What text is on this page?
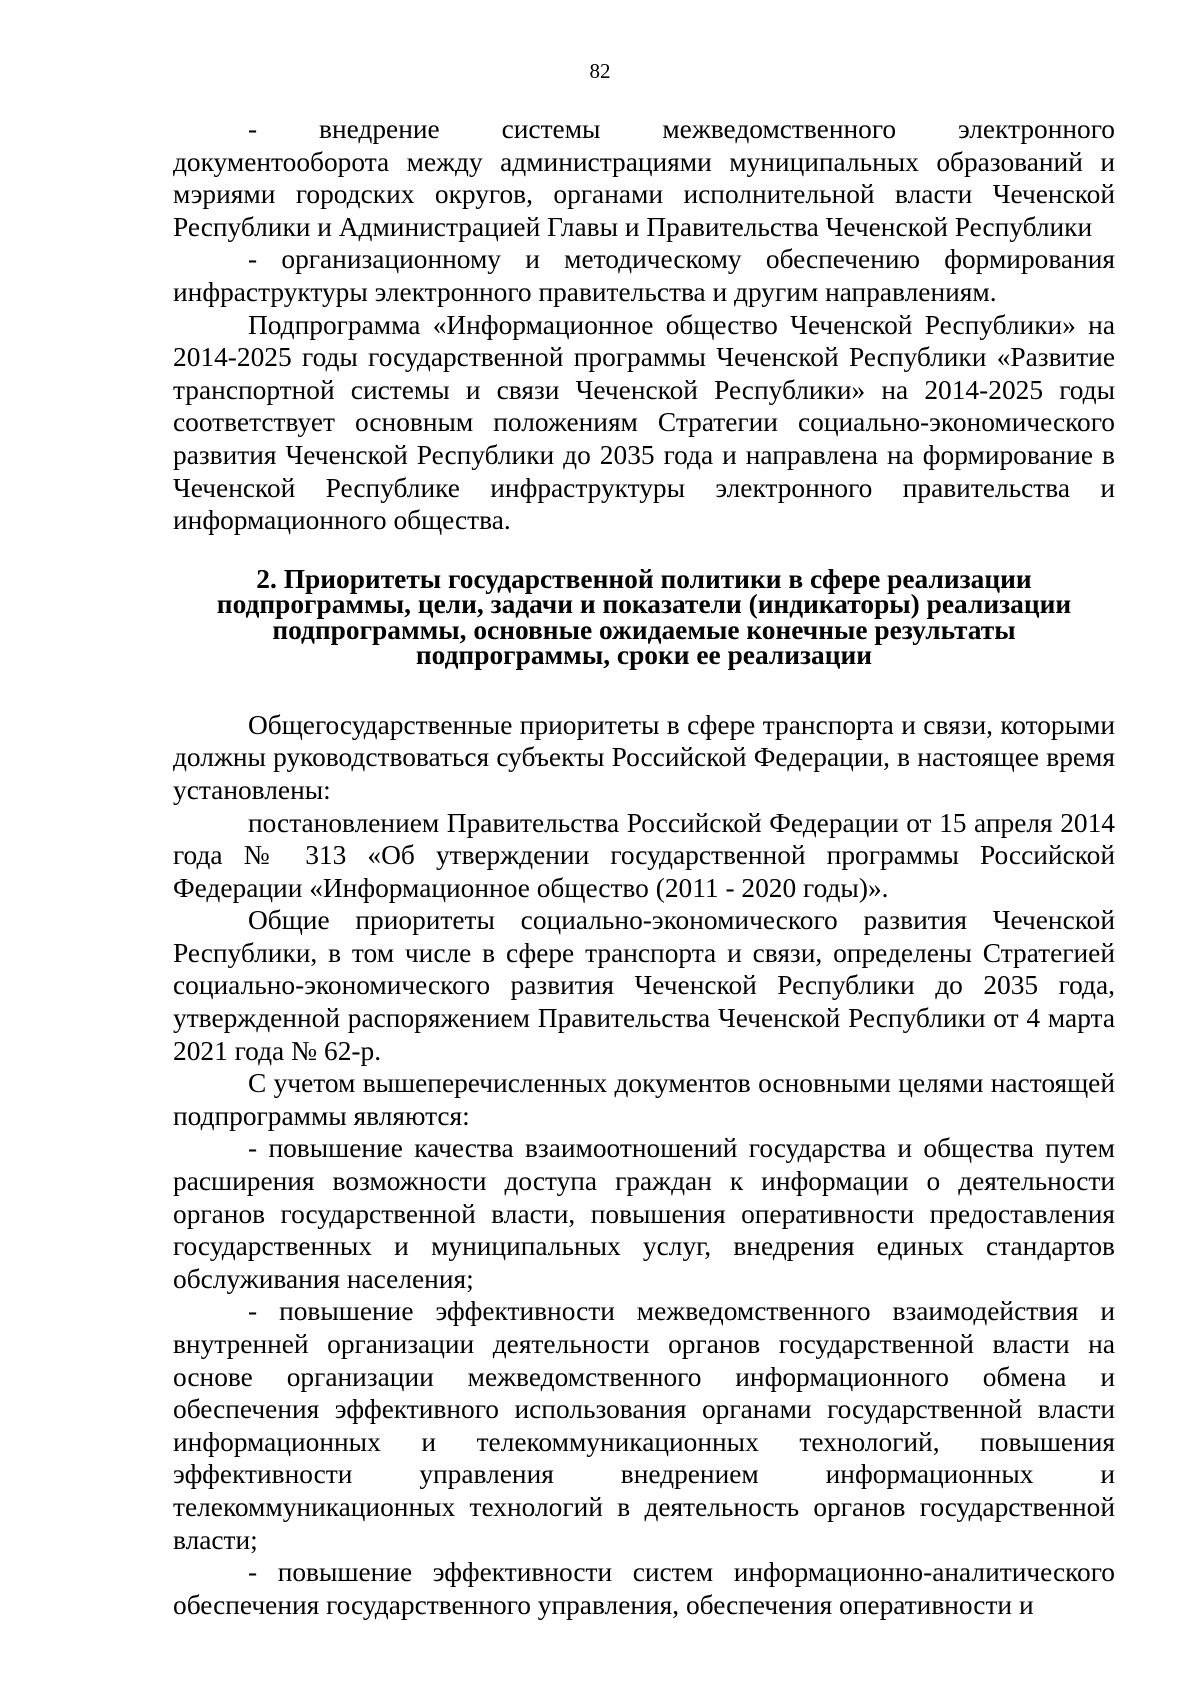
82

- внедрение системы межведомственного электронного документооборота между администрациями муниципальных образований и мэриями городских округов, органами исполнительной власти Чеченской Республики и Администрацией Главы и Правительства Чеченской Республики

- организационному и методическому обеспечению формирования инфраструктуры электронного правительства и другим направлениям.

Подпрограмма «Информационное общество Чеченской Республики» на 2014-2025 годы государственной программы Чеченской Республики «Развитие транспортной системы и связи Чеченской Республики» на 2014-2025 годы соответствует основным положениям Стратегии социально-экономического развития Чеченской Республики до 2035 года и направлена на формирование в Чеченской Республике инфраструктуры электронного правительства и информационного общества.

2. Приоритеты государственной политики в сфере реализации
подпрограммы, цели, задачи и показатели (индикаторы) реализации
подпрограммы, основные ожидаемые конечные результаты
подпрограммы, сроки ее реализации

Общегосударственные приоритеты в сфере транспорта и связи, которыми должны руководствоваться субъекты Российской Федерации, в настоящее время установлены:

постановлением Правительства Российской Федерации от 15 апреля 2014 года № 313 «Об утверждении государственной программы Российской Федерации «Информационное общество (2011 - 2020 годы)».

Общие приоритеты социально-экономического развития Чеченской Республики, в том числе в сфере транспорта и связи, определены Стратегией социально-экономического развития Чеченской Республики до 2035 года, утвержденной распоряжением Правительства Чеченской Республики от 4 марта 2021 года № 62-р.

С учетом вышеперечисленных документов основными целями настоящей подпрограммы являются:

- повышение качества взаимоотношений государства и общества путем расширения возможности доступа граждан к информации о деятельности органов государственной власти, повышения оперативности предоставления государственных и муниципальных услуг, внедрения единых стандартов обслуживания населения;

- повышение эффективности межведомственного взаимодействия и внутренней организации деятельности органов государственной власти на основе организации межведомственного информационного обмена и обеспечения эффективного использования органами государственной власти информационных и телекоммуникационных технологий, повышения эффективности управления внедрением информационных и телекоммуникационных технологий в деятельность органов государственной власти;

- повышение эффективности систем информационно-аналитического обеспечения государственного управления, обеспечения оперативности и
